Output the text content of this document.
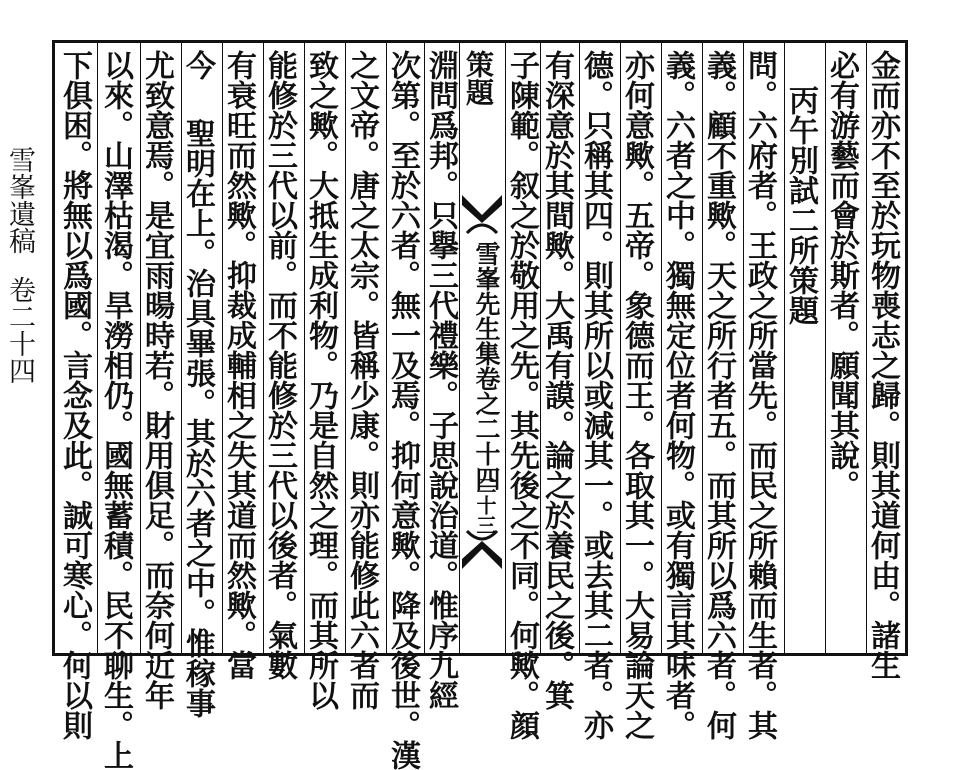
雪峯遺稿
卷二十四	雪峯先生集卷之二十四
二十三	金而亦不至於玩物喪志之歸。則其道何由。諸生
必有游藝而會於斯者。願聞其說。
丙午別試二所策題
問。六府者。王政之所當先。而民之所賴而生者。其
義。顧不重歟。天之所行者五。而其所以爲六者。何
義。六者之中。獨無定位者何物。或有獨言其味者。
亦何意歟。五帝。象德而王。各取其一。大易論天之
德。只稱其四。則其所以或減其一。或去其二者。亦
有深意於其間歟。大禹有謨。論之於養民之後。箕
子陳範。叙之於敬用之先。其先後之不同。何歟。顔
策題
淵問爲邦。只擧三代禮樂。子思說治道。惟序九經
次第。至於六者。無一及焉。抑何意歟。降及後世。漢
之文帝。唐之太宗。皆稱少康。則亦能修此六者而
致之歟。大抵生成利物。乃是自然之理。而其所以
能修於三代以前。而不能修於三代以後者。氣數
有衰旺而然歟。抑裁成輔相之失其道而然歟。當
今
聖明在上。治具畢張。其於六者之中。惟稼事
尤致意焉。是宜雨暘時若。財用俱足。而奈何近年
以來。山澤枯渴。旱澇相仍。國無蓄積。民不聊生。上
下俱困。將無以爲國。言念及此。誠可寒心。何以則
